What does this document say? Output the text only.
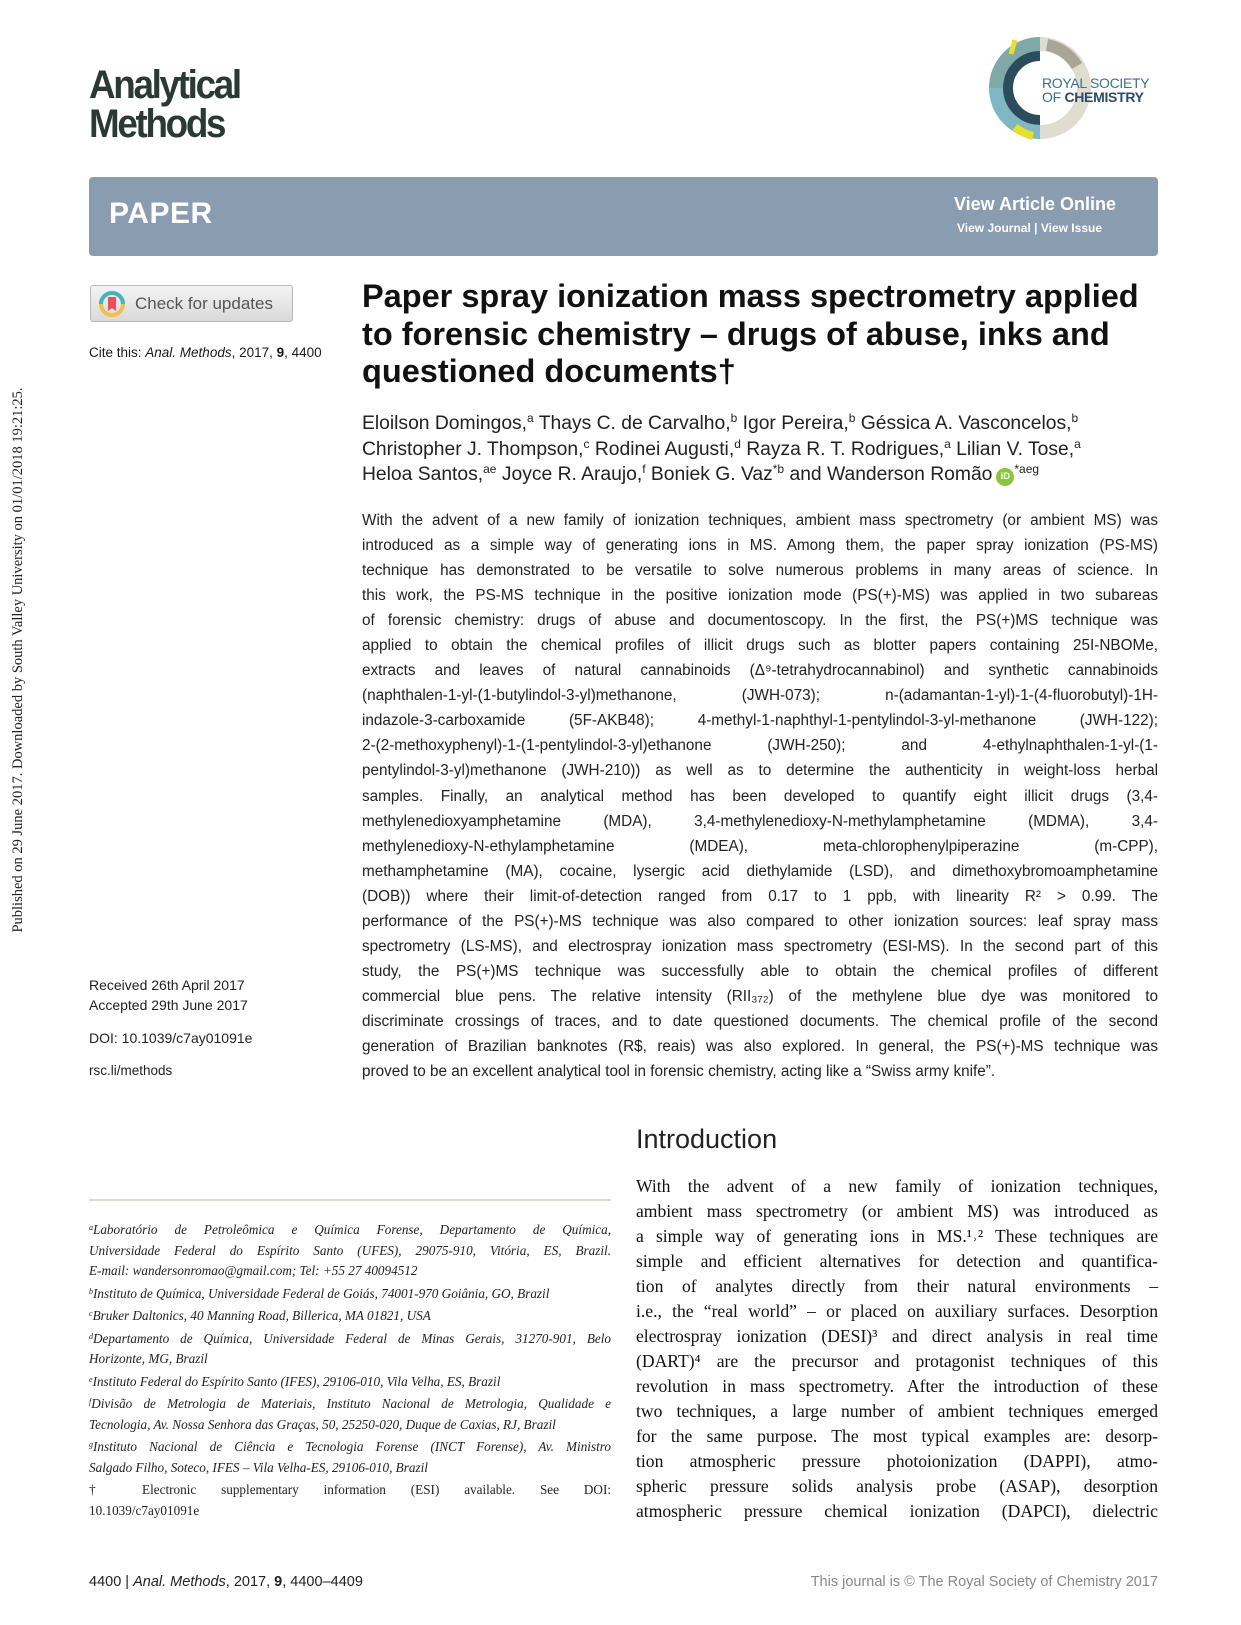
Analytical
Methods
ROYAL SOCIETY
OF CHEMISTRY
PAPER	View Article Online
View Journal | View Issue
Published on 29 June 2017. Downloaded by South Valley University on 01/01/2018 19:21:25.
Check for updates
Cite this: Anal. Methods, 2017, 9, 4400
Received 26th April 2017
Accepted 29th June 2017
DOI: 10.1039/c7ay01091e
rsc.li/methods
Paper spray ionization mass spectrometry applied
to forensic chemistry – drugs of abuse, inks and
questioned documents†
Eloilson Domingos,$^a$ Thays C. de Carvalho,$^b$ Igor Pereira,$^b$ Géssica A. Vasconcelos,$^b$
Christopher J. Thompson,$^c$ Rodinei Augusti,$^d$ Rayza R. T. Rodrigues,$^a$ Lilian V. Tose,$^a$
Heloa Santos,$^{ae}$ Joyce R. Araujo,$^f$ Boniek G. Vaz$^{*b}$ and Wanderson Romão $iD^{*aeg}$
With the advent of a new family of ionization techniques, ambient mass spectrometry (or ambient MS) was
introduced as a simple way of generating ions in MS. Among them, the paper spray ionization (PS-MS)
technique has demonstrated to be versatile to solve numerous problems in many areas of science. In
this work, the PS-MS technique in the positive ionization mode (PS(+)-MS) was applied in two subareas
of forensic chemistry: drugs of abuse and documentoscopy. In the first, the PS(+)MS technique was
applied to obtain the chemical profiles of illicit drugs such as blotter papers containing 25I-NBOMe,
extracts and leaves of natural cannabinoids (Δ⁹-tetrahydrocannabinol) and synthetic cannabinoids
(naphthalen-1-yl-(1-butylindol-3-yl)methanone, (JWH-073); n-(adamantan-1-yl)-1-(4-fluorobutyl)-1H-
indazole-3-carboxamide (5F-AKB48); 4-methyl-1-naphthyl-1-pentylindol-3-yl-methanone (JWH-122);
2-(2-methoxyphenyl)-1-(1-pentylindol-3-yl)ethanone (JWH-250); and 4-ethylnaphthalen-1-yl-(1-
pentylindol-3-yl)methanone (JWH-210)) as well as to determine the authenticity in weight-loss herbal
samples. Finally, an analytical method has been developed to quantify eight illicit drugs (3,4-
methylenedioxyamphetamine (MDA), 3,4-methylenedioxy-N-methylamphetamine (MDMA), 3,4-
methylenedioxy-N-ethylamphetamine (MDEA), meta-chlorophenylpiperazine (m-CPP),
methamphetamine (MA), cocaine, lysergic acid diethylamide (LSD), and dimethoxybromoamphetamine
(DOB)) where their limit-of-detection ranged from 0.17 to 1 ppb, with linearity R² > 0.99. The
performance of the PS(+)-MS technique was also compared to other ionization sources: leaf spray mass
spectrometry (LS-MS), and electrospray ionization mass spectrometry (ESI-MS). In the second part of this
study, the PS(+)MS technique was successfully able to obtain the chemical profiles of different
commercial blue pens. The relative intensity (RII₃₇₂) of the methylene blue dye was monitored to
discriminate crossings of traces, and to date questioned documents. The chemical profile of the second
generation of Brazilian banknotes (R$, reais) was also explored. In general, the PS(+)-MS technique was
proved to be an excellent analytical tool in forensic chemistry, acting like a “Swiss army knife”.
Introduction
With the advent of a new family of ionization techniques,
ambient mass spectrometry (or ambient MS) was introduced as
a simple way of generating ions in MS.¹˒² These techniques are
simple and efficient alternatives for detection and quantifica-
tion of analytes directly from their natural environments –
i.e., the “real world” – or placed on auxiliary surfaces. Desorption
electrospray ionization (DESI)³ and direct analysis in real time
(DART)⁴ are the precursor and protagonist techniques of this
revolution in mass spectrometry. After the introduction of these
two techniques, a large number of ambient techniques emerged
for the same purpose. The most typical examples are: desorp-
tion atmospheric pressure photoionization (DAPPI), atmo-
spheric pressure solids analysis probe (ASAP), desorption
atmospheric pressure chemical ionization (DAPCI), dielectric
$^a$Laboratório de Petroleômica e Química Forense, Departamento de Química,
Universidade Federal do Espírito Santo (UFES), 29075-910, Vitória, ES, Brazil.
E-mail: wandersonromao@gmail.com; Tel: +55 27 40094512
$^b$Instituto de Química, Universidade Federal de Goiás, 74001-970 Goiânia, GO, Brazil
$^c$Bruker Daltonics, 40 Manning Road, Billerica, MA 01821, USA
$^d$Departamento de Química, Universidade Federal de Minas Gerais, 31270-901, Belo
Horizonte, MG, Brazil
$^e$Instituto Federal do Espírito Santo (IFES), 29106-010, Vila Velha, ES, Brazil
$^f$Divisão de Metrologia de Materiais, Instituto Nacional de Metrologia, Qualidade e
Tecnologia, Av. Nossa Senhora das Graças, 50, 25250-020, Duque de Caxias, RJ, Brazil
$^g$Instituto Nacional de Ciência e Tecnologia Forense (INCT Forense), Av. Ministro
Salgado Filho, Soteco, IFES – Vila Velha-ES, 29106-010, Brazil
† Electronic supplementary information (ESI) available. See DOI:
10.1039/c7ay01091e
4400 | Anal. Methods, 2017, 9, 4400–4409	This journal is © The Royal Society of Chemistry 2017
